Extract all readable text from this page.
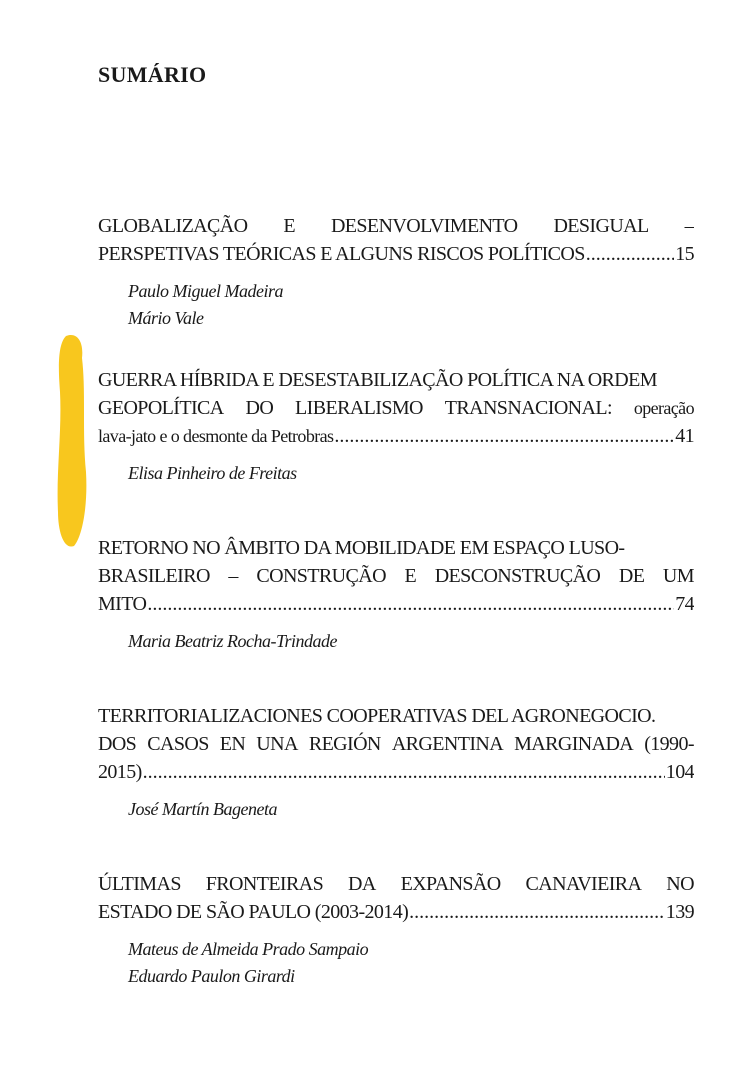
SUMÁRIO
GLOBALIZAÇÃO E DESENVOLVIMENTO DESIGUAL –
PERSPETIVAS TEÓRICAS E ALGUNS RISCOS POLÍTICOS .....	15
Paulo Miguel Madeira
Mário Vale
GUERRA HÍBRIDA E DESESTABILIZAÇÃO POLÍTICA NA ORDEM
GEOPOLÍTICA DO LIBERALISMO TRANSNACIONAL: operação
lava-jato e o desmonte da Petrobras .....	41
Elisa Pinheiro de Freitas
RETORNO NO ÂMBITO DA MOBILIDADE EM ESPAÇO LUSO-
BRASILEIRO – CONSTRUÇÃO E DESCONSTRUÇÃO DE UM
MITO .....	74
Maria Beatriz Rocha-Trindade
TERRITORIALIZACIONES COOPERATIVAS DEL AGRONEGOCIO.
DOS CASOS EN UNA REGIÓN ARGENTINA MARGINADA (1990-
2015) .....	104
José Martín Bageneta
ÚLTIMAS FRONTEIRAS DA EXPANSÃO CANAVIEIRA NO
ESTADO DE SÃO PAULO (2003-2014) .....	139
Mateus de Almeida Prado Sampaio
Eduardo Paulon Girardi
